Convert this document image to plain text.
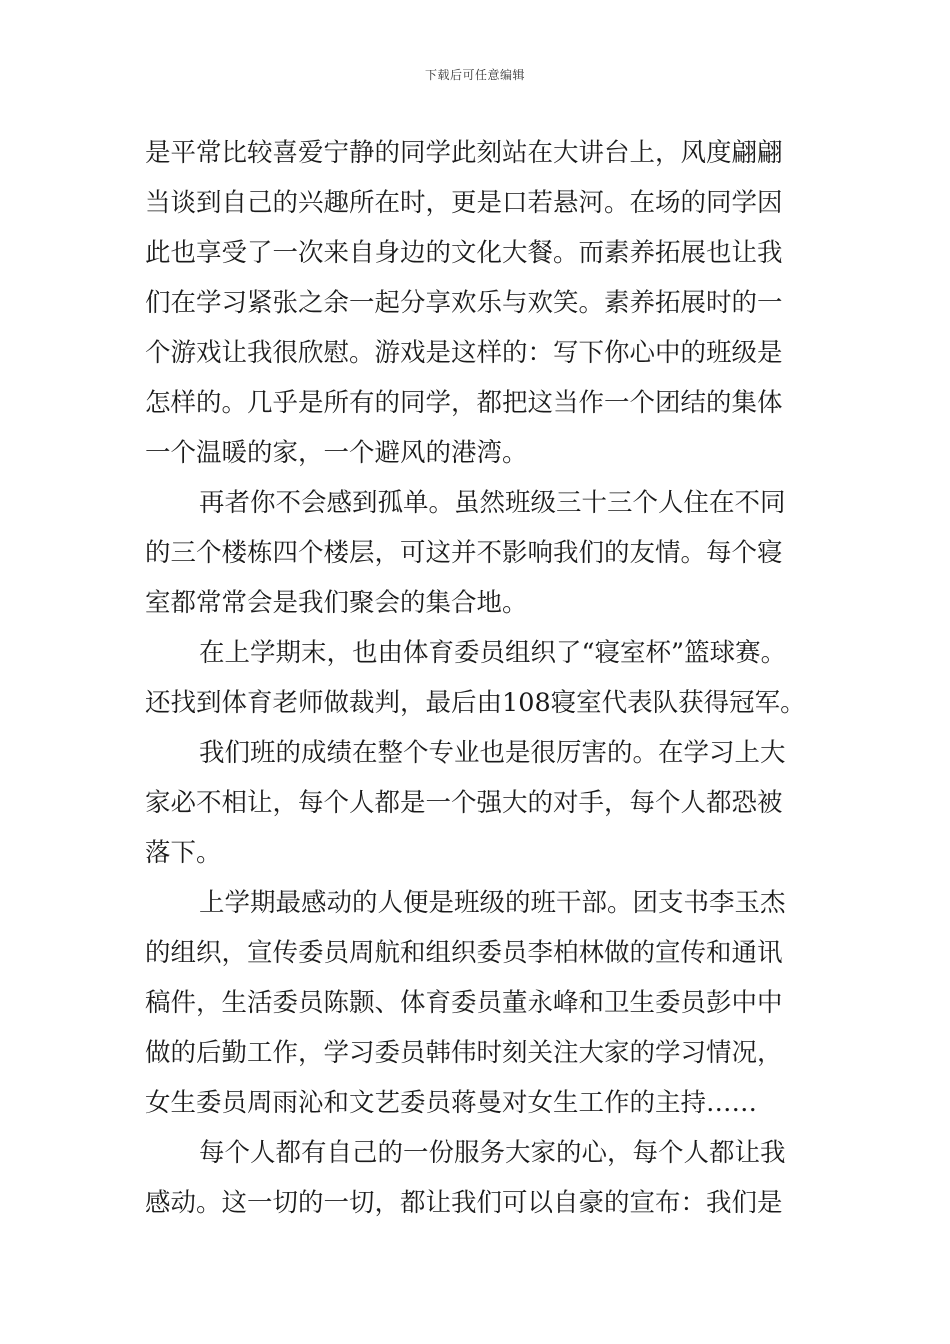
下载后可任意编辑
是平常比较喜爱宁静的同学此刻站在大讲台上，风度翩翩
当谈到自己的兴趣所在时，更是口若悬河。在场的同学因
此也享受了一次来自身边的文化大餐。而素养拓展也让我
们在学习紧张之余一起分享欢乐与欢笑。素养拓展时的一
个游戏让我很欣慰。游戏是这样的：写下你心中的班级是
怎样的。几乎是所有的同学，都把这当作一个团结的集体
一个温暖的家，一个避风的港湾。
再者你不会感到孤单。虽然班级三十三个人住在不同
的三个楼栋四个楼层，可这并不影响我们的友情。每个寝
室都常常会是我们聚会的集合地。
在上学期末，也由体育委员组织了“寝室杯”篮球赛。
还找到体育老师做裁判，最后由108寝室代表队获得冠军。
我们班的成绩在整个专业也是很厉害的。在学习上大
家必不相让，每个人都是一个强大的对手，每个人都恐被
落下。
上学期最感动的人便是班级的班干部。团支书李玉杰
的组织，宣传委员周航和组织委员李柏林做的宣传和通讯
稿件，生活委员陈颢、体育委员董永峰和卫生委员彭中中
做的后勤工作，学习委员韩伟时刻关注大家的学习情况，
女生委员周雨沁和文艺委员蒋曼对女生工作的主持……
每个人都有自己的一份服务大家的心，每个人都让我
感动。这一切的一切，都让我们可以自豪的宣布：我们是
